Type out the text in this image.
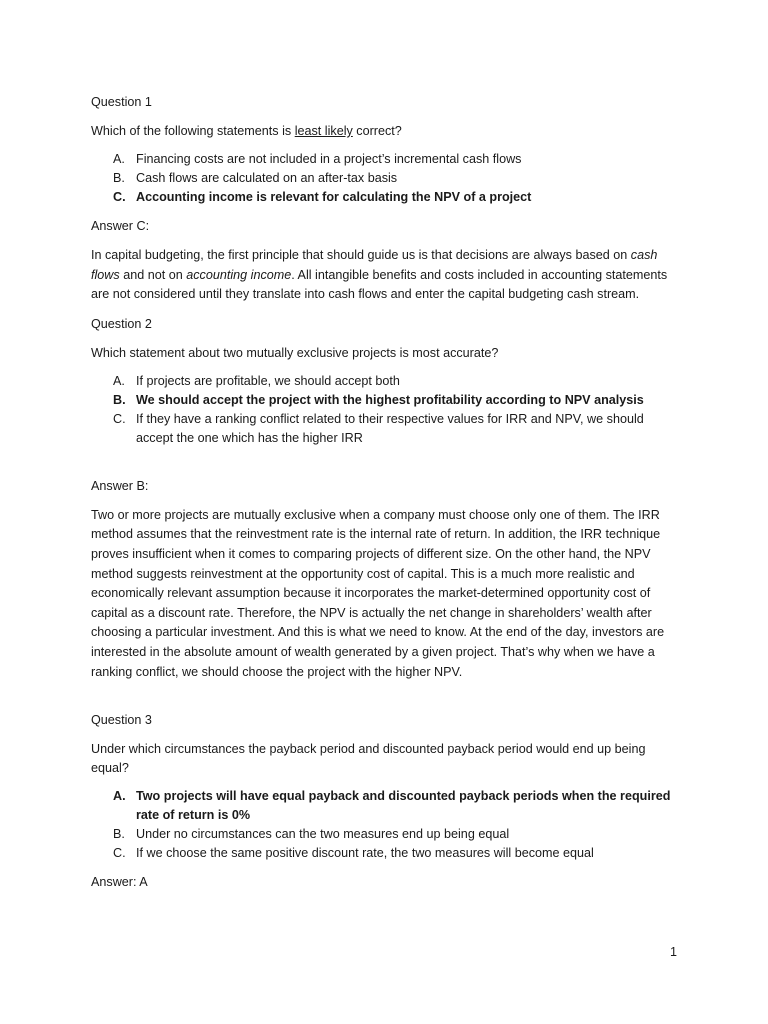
Question 1

Which of the following statements is least likely correct?

A. Financing costs are not included in a project’s incremental cash flows
B. Cash flows are calculated on an after-tax basis
C. Accounting income is relevant for calculating the NPV of a project

Answer C:

In capital budgeting, the first principle that should guide us is that decisions are always based on cash flows and not on accounting income. All intangible benefits and costs included in accounting statements are not considered until they translate into cash flows and enter the capital budgeting cash stream.

Question 2

Which statement about two mutually exclusive projects is most accurate?

A. If projects are profitable, we should accept both
B. We should accept the project with the highest profitability according to NPV analysis
C. If they have a ranking conflict related to their respective values for IRR and NPV, we should accept the one which has the higher IRR

Answer B:

Two or more projects are mutually exclusive when a company must choose only one of them. The IRR method assumes that the reinvestment rate is the internal rate of return. In addition, the IRR technique proves insufficient when it comes to comparing projects of different size. On the other hand, the NPV method suggests reinvestment at the opportunity cost of capital. This is a much more realistic and economically relevant assumption because it incorporates the market-determined opportunity cost of capital as a discount rate. Therefore, the NPV is actually the net change in shareholders’ wealth after choosing a particular investment. And this is what we need to know. At the end of the day, investors are interested in the absolute amount of wealth generated by a given project. That’s why when we have a ranking conflict, we should choose the project with the higher NPV.

Question 3

Under which circumstances the payback period and discounted payback period would end up being equal?

A. Two projects will have equal payback and discounted payback periods when the required rate of return is 0%
B. Under no circumstances can the two measures end up being equal
C. If we choose the same positive discount rate, the two measures will become equal

Answer: A

1
